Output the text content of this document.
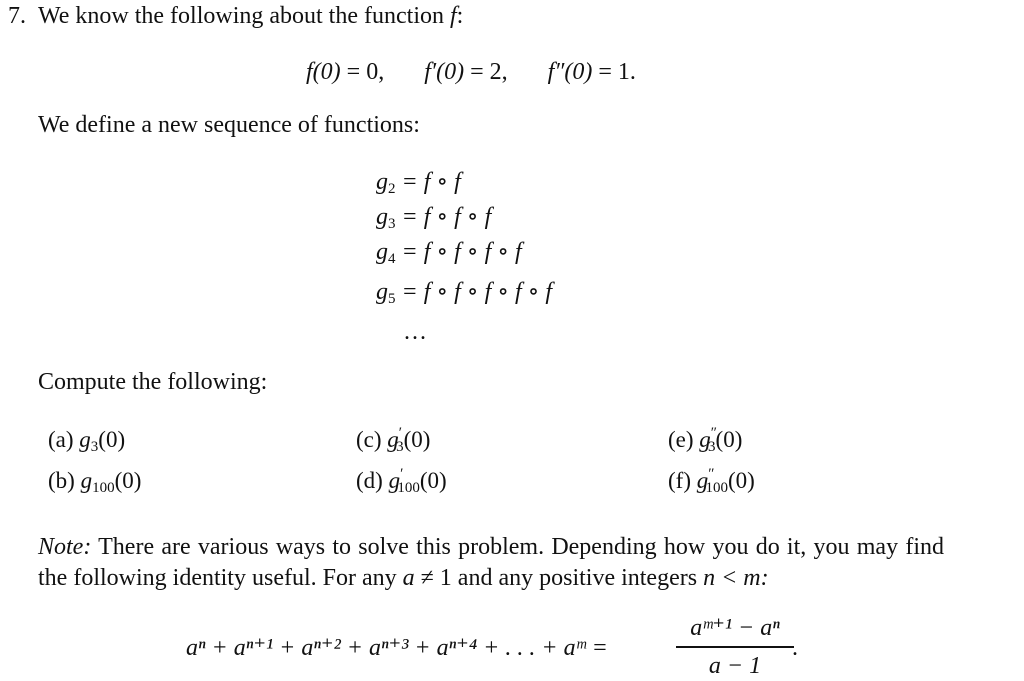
7. We know the following about the function f:
f(0) = 0, f′(0) = 2, f″(0) = 1.
We define a new sequence of functions:
$g_2 = f$ ∘ f
$g_3 = f$ ∘ f ∘ f
$g_4 = f$ ∘ f ∘ f ∘ f
$g_5 = f$ ∘ f ∘ f ∘ f ∘ f
...
Compute the following:
(a) $g_3(0)$
(b) $g_{100}(0)$
(c) $g'_3(0)$
(d) $g'_{100}(0)$
(e) $g''_3(0)$
(f) $g''_{100}(0)$
Note: There are various ways to solve this problem. Depending how you do it, you may find the following identity useful. For any a ≠ 1 and any positive integers n < m:
aⁿ + aⁿ⁺¹ + aⁿ⁺² + aⁿ⁺³ + aⁿ⁺⁴ + . . . + aᵐ =
aᵐ⁺¹ − aⁿ
a − 1
.
